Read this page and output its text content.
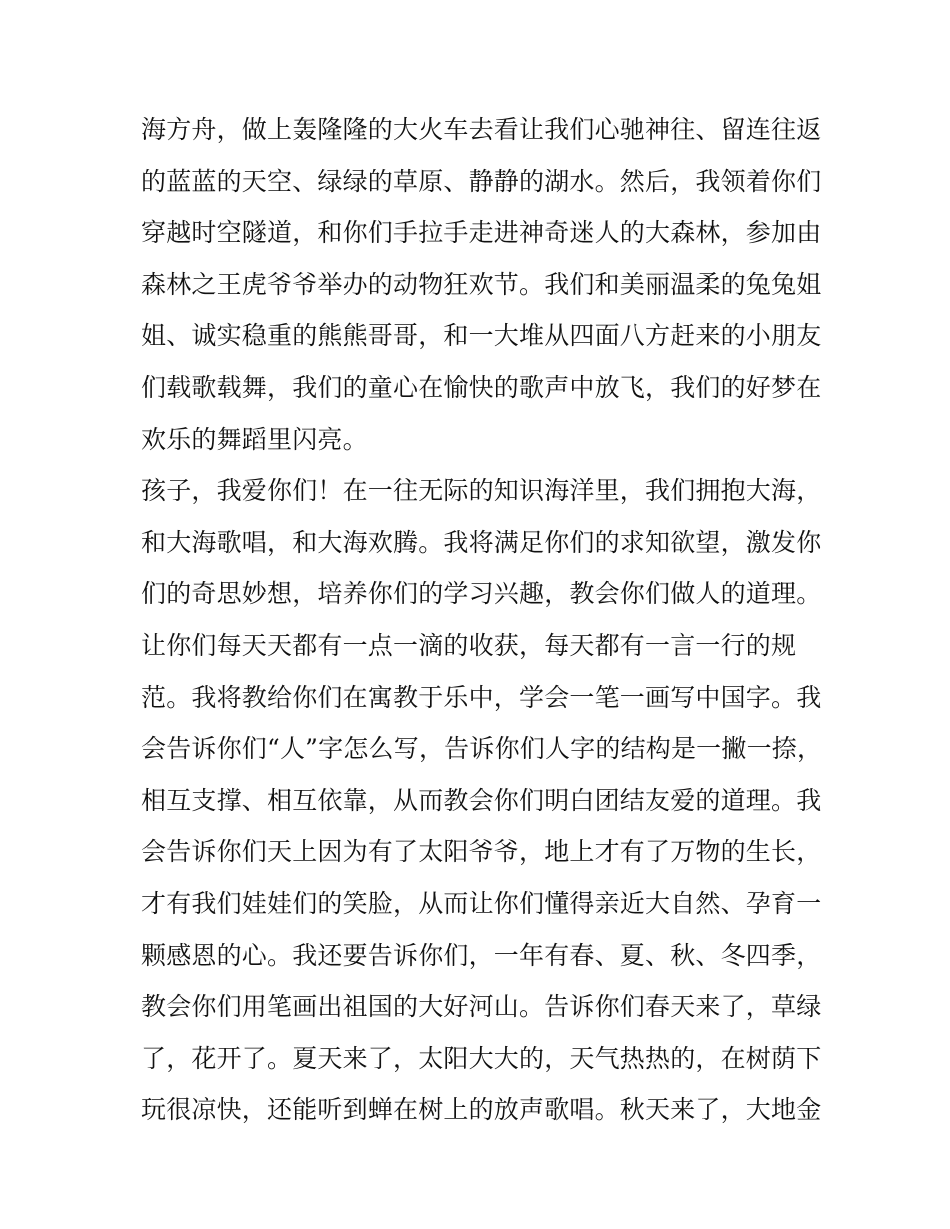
海方舟，做上轰隆隆的大火车去看让我们心驰神往、留连往返
的蓝蓝的天空、绿绿的草原、静静的湖水。然后，我领着你们
穿越时空隧道，和你们手拉手走进神奇迷人的大森林，参加由
森林之王虎爷爷举办的动物狂欢节。我们和美丽温柔的兔兔姐
姐、诚实稳重的熊熊哥哥，和一大堆从四面八方赶来的小朋友
们载歌载舞，我们的童心在愉快的歌声中放飞，我们的好梦在
欢乐的舞蹈里闪亮。
孩子，我爱你们！在一往无际的知识海洋里，我们拥抱大海，
和大海歌唱，和大海欢腾。我将满足你们的求知欲望，激发你
们的奇思妙想，培养你们的学习兴趣，教会你们做人的道理。
让你们每天天都有一点一滴的收获，每天都有一言一行的规
范。我将教给你们在寓教于乐中，学会一笔一画写中国字。我
会告诉你们“人”字怎么写，告诉你们人字的结构是一撇一捺，
相互支撑、相互依靠，从而教会你们明白团结友爱的道理。我
会告诉你们天上因为有了太阳爷爷，地上才有了万物的生长，
才有我们娃娃们的笑脸，从而让你们懂得亲近大自然、孕育一
颗感恩的心。我还要告诉你们，一年有春、夏、秋、冬四季，
教会你们用笔画出祖国的大好河山。告诉你们春天来了，草绿
了，花开了。夏天来了，太阳大大的，天气热热的，在树荫下
玩很凉快，还能听到蝉在树上的放声歌唱。秋天来了，大地金
